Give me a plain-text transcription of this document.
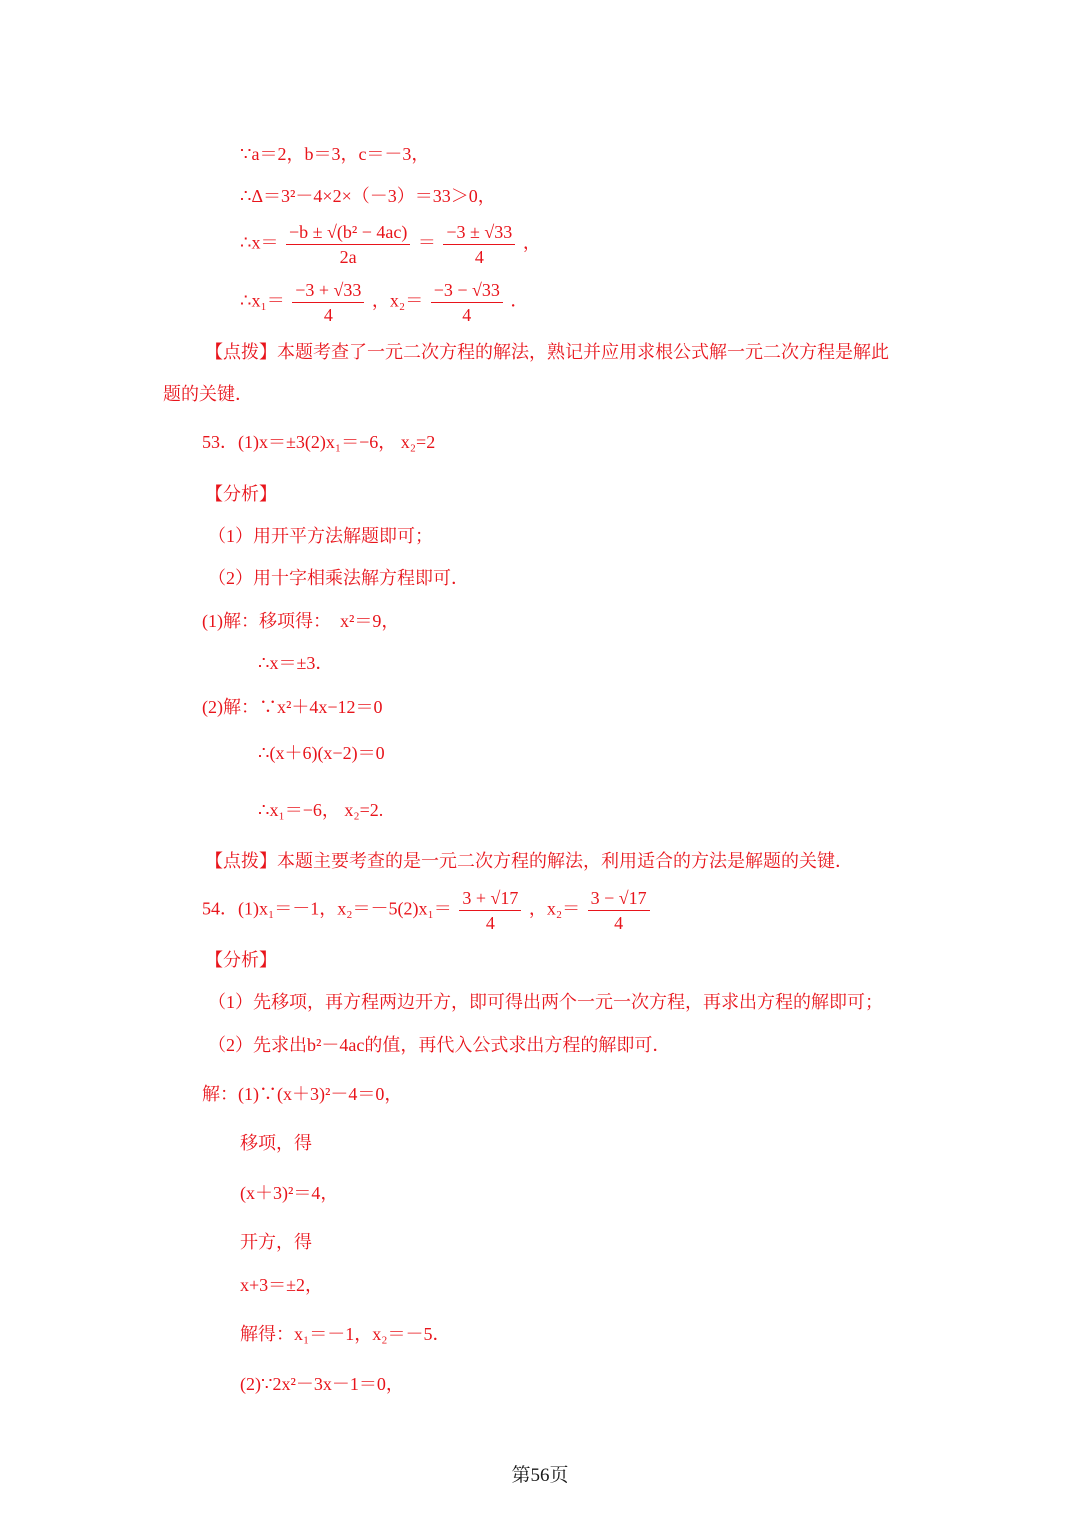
∵a＝2，b＝3，c＝－3，
∴Δ＝3²－4×2×（－3）＝33＞0，
∴x＝ $\frac{\text{−b ± √(b² − 4ac)}}{2a} = \frac{-3 \pm √33}{4}$ ，
∴x₁＝ $\frac{-3 + √33}{4}$ ，$x_2= \frac{-3 - √33}{4}$ ．
【点拨】本题考查了一元二次方程的解法，熟记并应用求根公式解一元二次方程是解此
题的关键．
53．(1)x＝±3(2)x₁＝−6， x₂=2
【分析】
（1）用开平方法解题即可；
（2）用十字相乘法解方程即可．
(1)解：移项得：　x²＝9，
∴x＝±3．
(2)解：∵x²＋4x−12＝0
∴(x＋6)(x−2)＝0
∴x₁＝−6， x₂=2.
【点拨】本题主要考查的是一元二次方程的解法，利用适合的方法是解题的关键．
54．(1)x₁＝－1，$x_2=-5(2)x_1= \frac{3 + √17}{4}$ ，$x_2= \frac{3 - √17}{4}$
【分析】
（1）先移项，再方程两边开方，即可得出两个一元一次方程，再求出方程的解即可；
（2）先求出b²－4ac的值，再代入公式求出方程的解即可．
解：(1)∵(x＋3)²－4＝0，
移项，得
(x＋3)²＝4，
开方，得
x+3＝±2，
解得：x₁＝－1，x₂＝－5．
(2)∵2x²－3x－1＝0，
第56页
